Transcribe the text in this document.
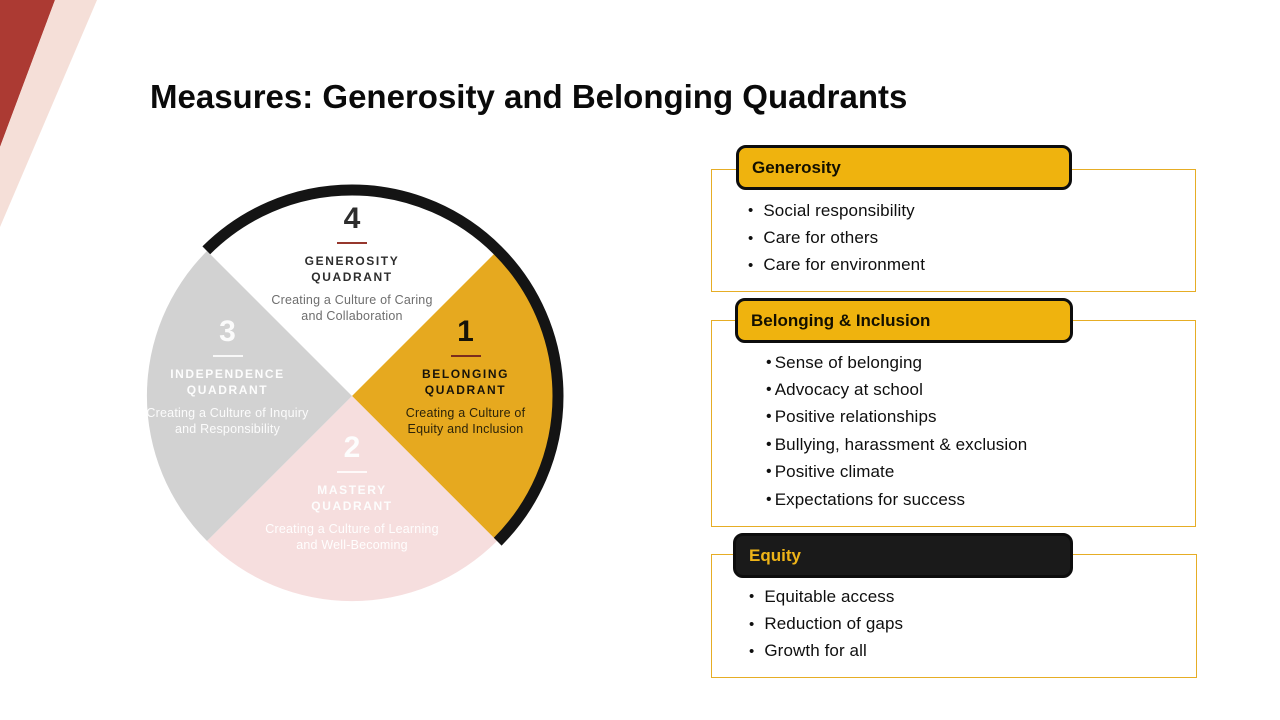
Measures: Generosity and Belonging Quadrants
4
GENEROSITY
QUADRANT
Creating a Culture of Caring
and Collaboration	1
BELONGING
QUADRANT
Creating a Culture of
Equity and Inclusion
2
MASTERY
QUADRANT
Creating a Culture of Learning
and Well-Becoming
3
INDEPENDENCE
QUADRANT
Creating a Culture of Inquiry
and Responsibility
Generosity
• Social responsibility
• Care for others
• Care for environment
Belonging & Inclusion
• Sense of belonging
• Advocacy at school
• Positive relationships
• Bullying, harassment & exclusion
• Positive climate
• Expectations for success
Equity
• Equitable access
• Reduction of gaps
• Growth for all
